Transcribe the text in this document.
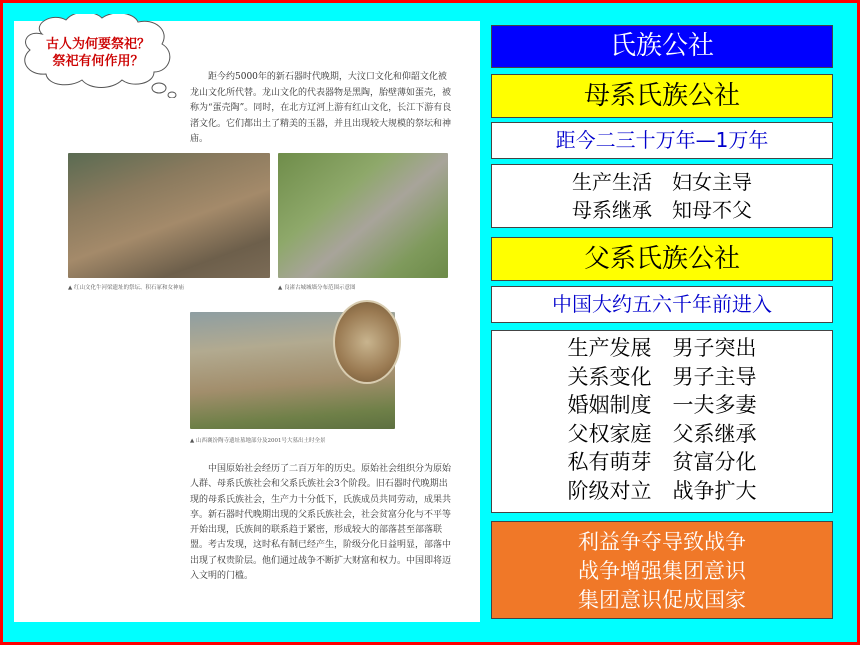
古人为何要祭祀？祭祀有何作用？
距今约5000年的新石器时代晚期，大汶口文化和仰韶文化被龙山文化所代替。龙山文化的代表器物是黑陶，胎壁薄如蛋壳，被称为“蛋壳陶”。同时，在北方辽河上游有红山文化，长江下游有良渚文化。它们都出土了精美的玉器，并且出现较大规模的祭坛和神庙。
▲ 红山文化牛河梁遗址的祭坛、积石冢和女神庙	▲ 良渚古城城墙分布范围示意图
▲ 山西襄汾陶寺遗址墓地部分及2001号大墓出土时全景
中国原始社会经历了二百万年的历史。原始社会组织分为原始人群、母系氏族社会和父系氏族社会3个阶段。旧石器时代晚期出现的母系氏族社会，生产力十分低下，氏族成员共同劳动，成果共享。新石器时代晚期出现的父系氏族社会，社会贫富分化与不平等开始出现，氏族间的联系趋于紧密，形成较大的部落甚至部落联盟。考古发现，这时私有制已经产生，阶级分化日益明显，部落中出现了权贵阶层。他们通过战争不断扩大财富和权力。中国即将迈入文明的门槛。
氏族公社
母系氏族公社
距今二三十万年—1万年
生产生活　妇女主导
母系继承　知母不父
父系氏族公社
中国大约五六千年前进入
生产发展　男子突出
关系变化　男子主导
婚姻制度　一夫多妻
父权家庭　父系继承
私有萌芽　贫富分化
阶级对立　战争扩大
利益争夺导致战争
战争增强集团意识
集团意识促成国家
